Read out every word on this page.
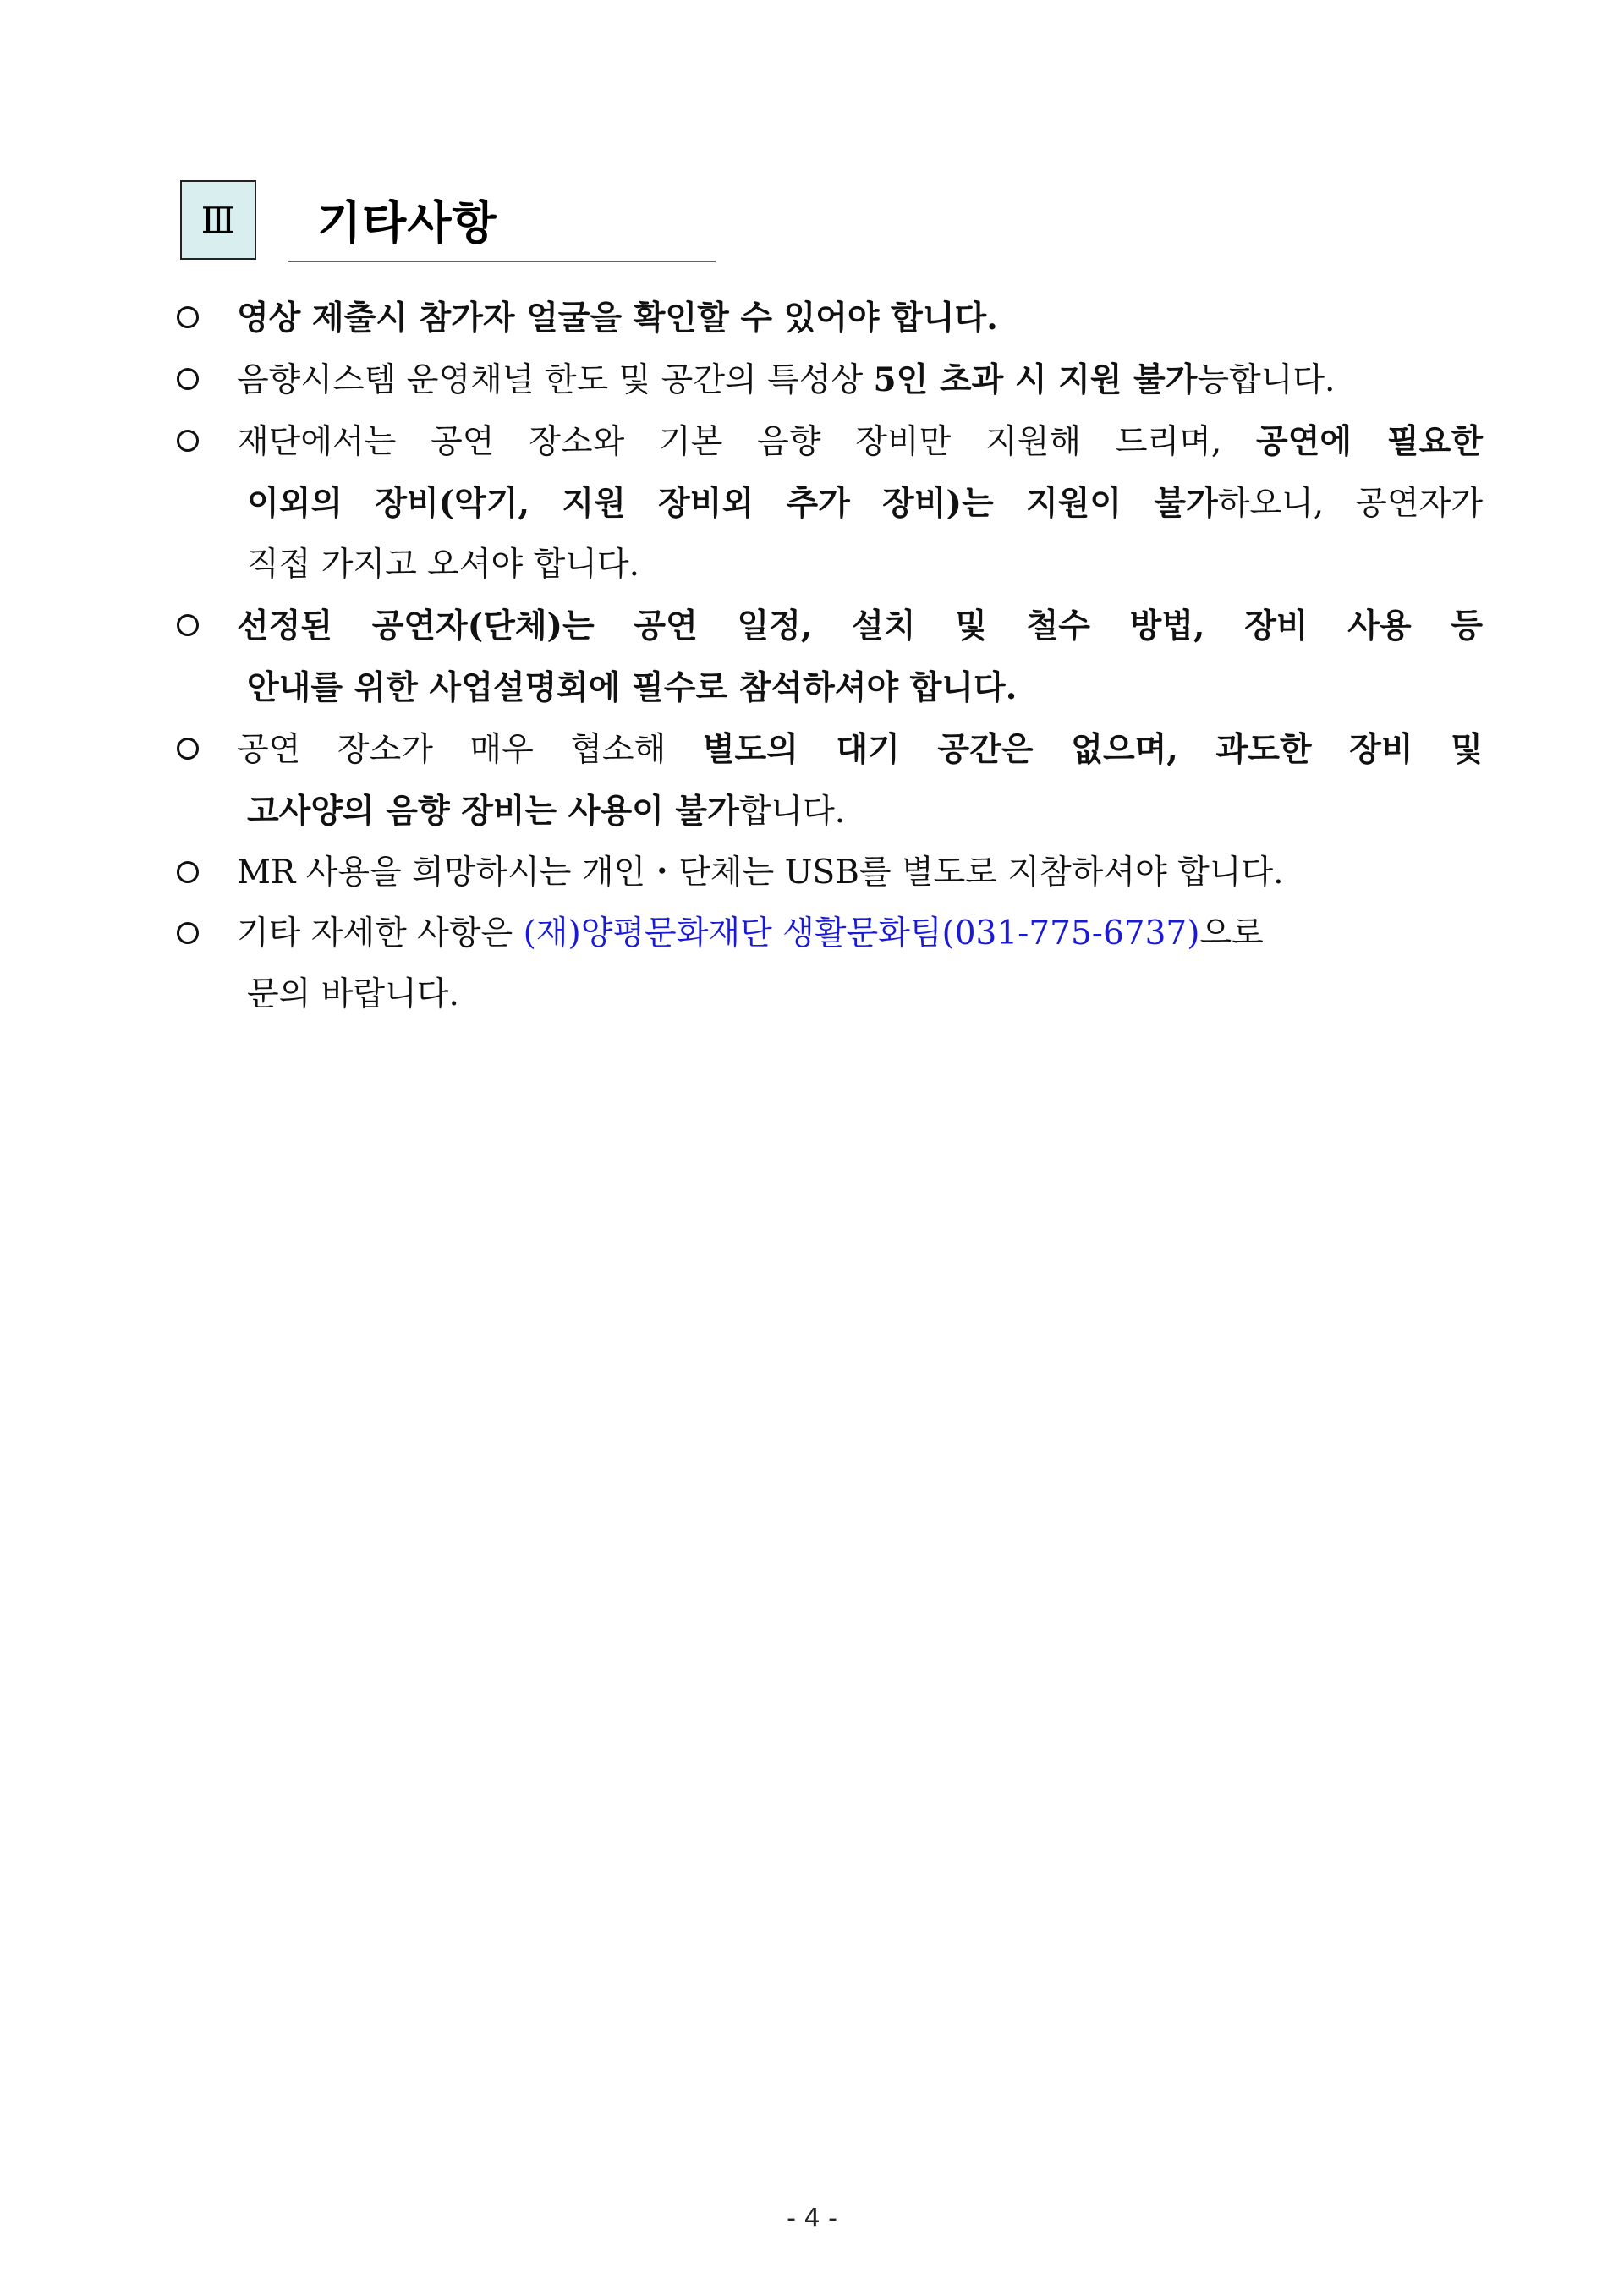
Ⅲ 기타사항
영상 제출시 참가자 얼굴을 확인할 수 있어야 합니다.
음향시스템 운영채널 한도 및 공간의 특성상 5인 초과 시 지원 불가능합니다.
재단에서는 공연 장소와 기본 음향 장비만 지원해 드리며, 공연에 필요한
이외의 장비(악기, 지원 장비외 추가 장비)는 지원이 불가하오니, 공연자가
직접 가지고 오셔야 합니다.
선정된 공연자(단체)는 공연 일정, 설치 및 철수 방법, 장비 사용 등
안내를 위한 사업설명회에 필수로 참석하셔야 합니다.
공연 장소가 매우 협소해 별도의 대기 공간은 없으며, 과도한 장비 및
고사양의 음향 장비는 사용이 불가합니다.
MR 사용을 희망하시는 개인・단체는 USB를 별도로 지참하셔야 합니다.
기타 자세한 사항은 (재)양평문화재단 생활문화팀(031-775-6737)으로
문의 바랍니다.
- 4 -
